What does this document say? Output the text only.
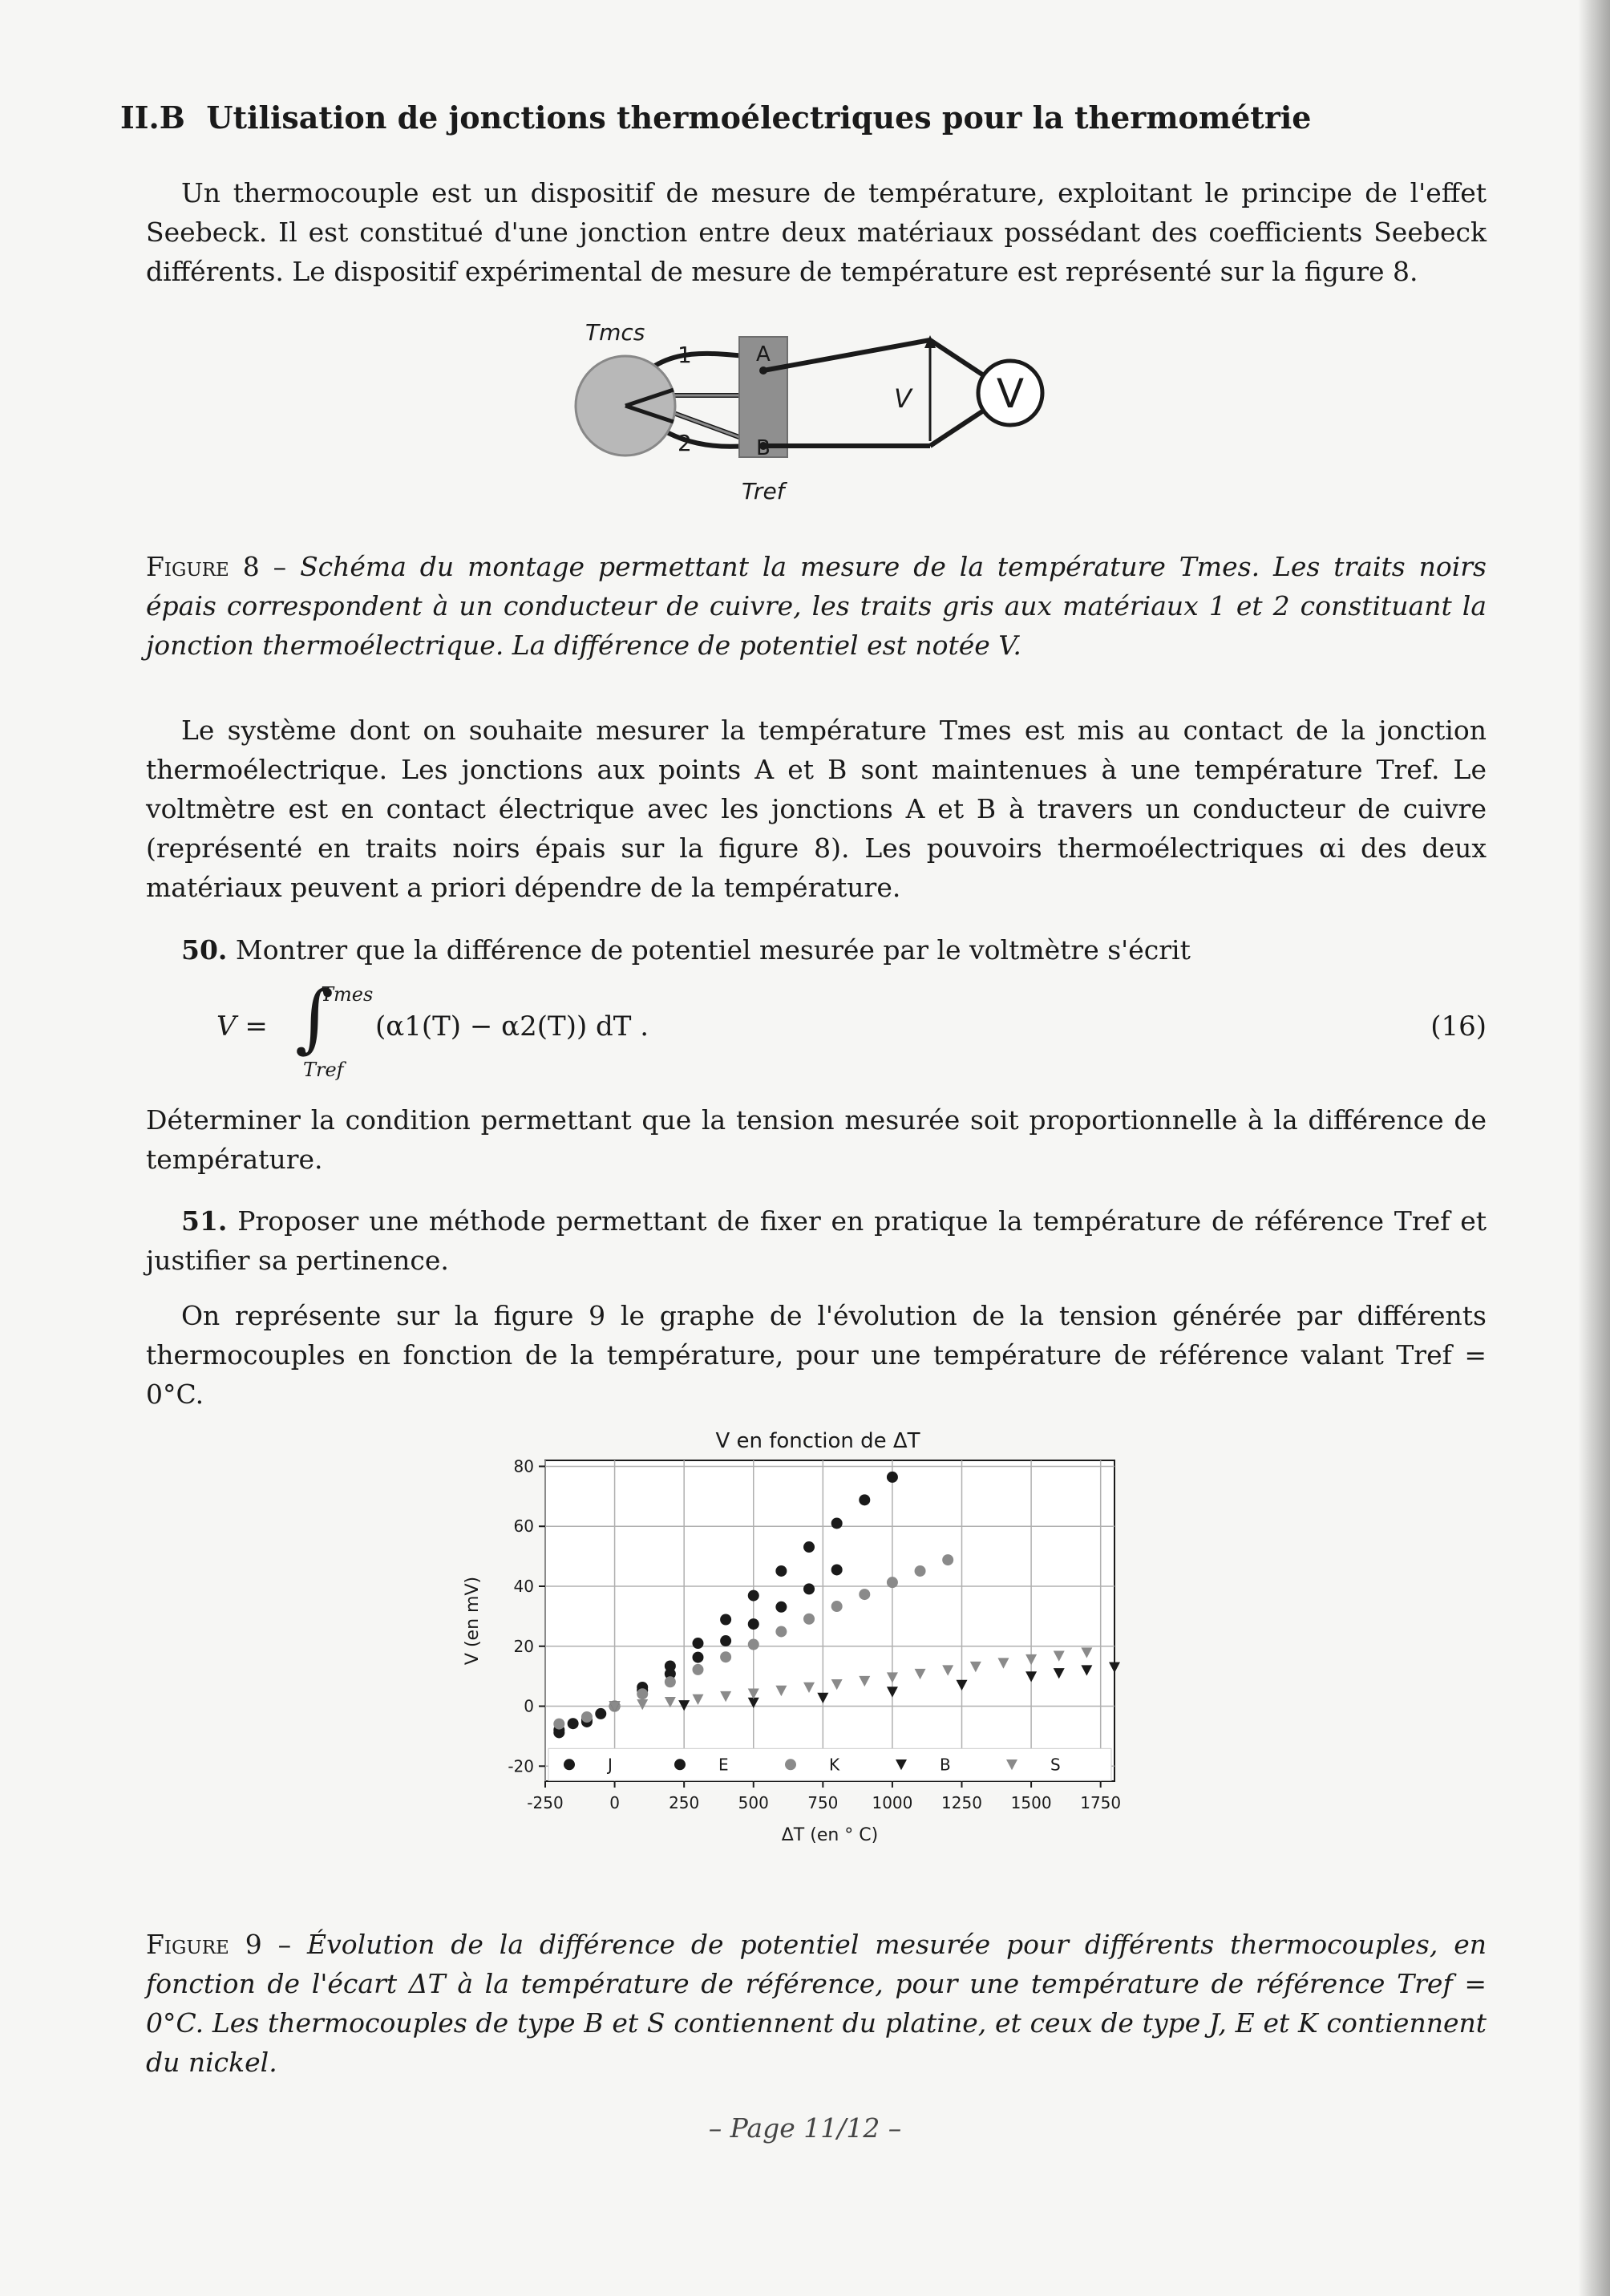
II.B Utilisation de jonctions thermoélectriques pour la thermométrie
Un thermocouple est un dispositif de mesure de température, exploitant le principe de l'effet Seebeck. Il est constitué d'une jonction entre deux matériaux possédant des coefficients Seebeck différents. Le dispositif expérimental de mesure de température est représenté sur la figure 8.
V
Tmcs
1
2
A
B
V
Tref
Figure 8 – Schéma du montage permettant la mesure de la température Tmes. Les traits noirs épais correspondent à un conducteur de cuivre, les traits gris aux matériaux 1 et 2 constituant la jonction thermoélectrique. La différence de potentiel est notée V.
Le système dont on souhaite mesurer la température Tmes est mis au contact de la jonction thermoélectrique. Les jonctions aux points A et B sont maintenues à une température Tref. Le voltmètre est en contact électrique avec les jonctions A et B à travers un conducteur de cuivre (représenté en traits noirs épais sur la figure 8). Les pouvoirs thermoélectriques αi des deux matériaux peuvent a priori dépendre de la température.
50. Montrer que la différence de potentiel mesurée par le voltmètre s'écrit
V = ∫
Tmes
Tref
(α1(T) − α2(T)) dT .	(16)
Déterminer la condition permettant que la tension mesurée soit proportionnelle à la différence de température.
51. Proposer une méthode permettant de fixer en pratique la température de référence Tref et justifier sa pertinence.
On représente sur la figure 9 le graphe de l'évolution de la tension générée par différents thermocouples en fonction de la température, pour une température de référence valant Tref = 0°C.
V en fonction de ΔT
-250	0	250 500 750 1000 1250 1500 1750
80
60
40
20
0
-20	J	E	K	B	S
ΔT (en ° C)
V (en mV)
Figure 9 – Évolution de la différence de potentiel mesurée pour différents thermocouples, en fonction de l'écart ΔT à la température de référence, pour une température de référence Tref = 0°C. Les thermocouples de type B et S contiennent du platine, et ceux de type J, E et K contiennent du nickel.
– Page 11/12 –
